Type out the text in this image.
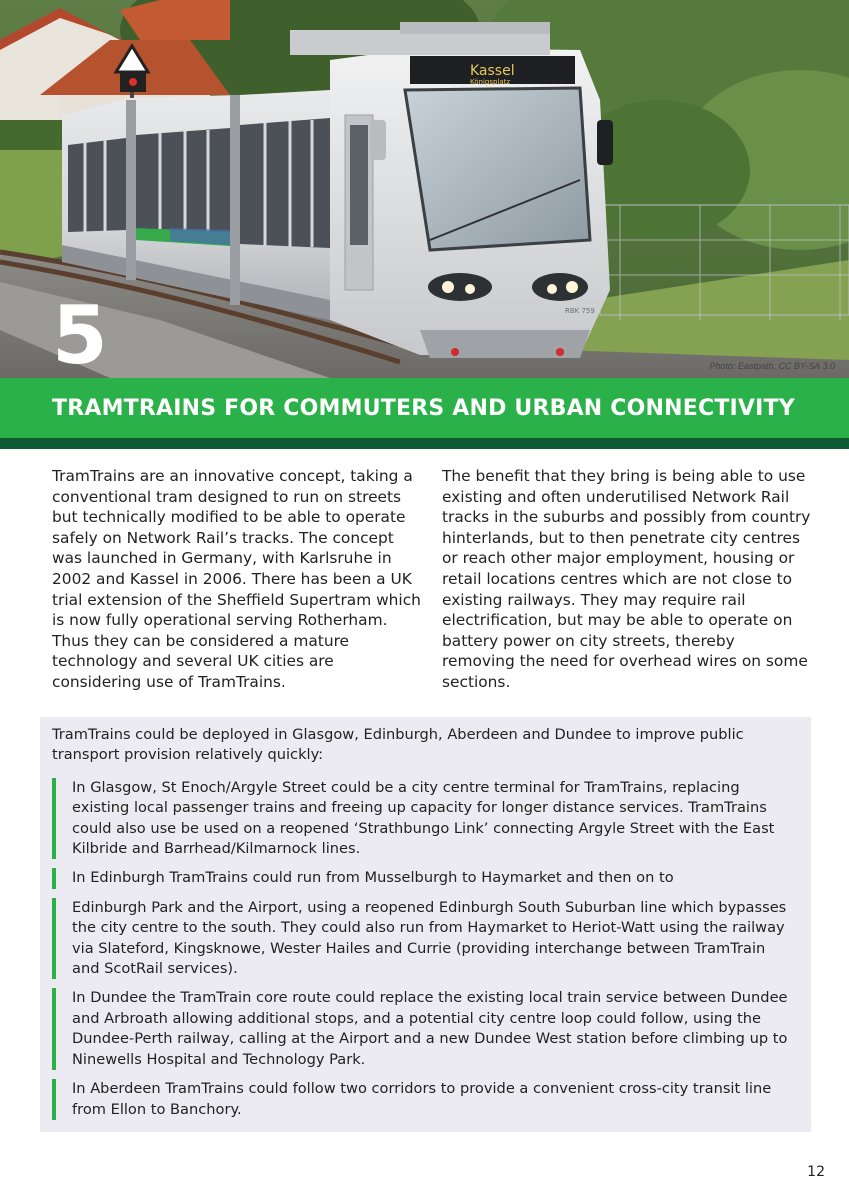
Kassel
Königsplatz
RBK 759
5	Photo: Eastpath, CC BY-SA 3.0
TRAMTRAINS FOR COMMUTERS AND URBAN CONNECTIVITY

TramTrains are an innovative concept, taking a conventional tram designed to run on streets but technically modified to be able to operate safely on Network Rail’s tracks. The concept was launched in Germany, with Karlsruhe in 2002 and Kassel in 2006. There has been a UK trial extension of the Sheffield Supertram which is now fully operational serving Rotherham. Thus they can be considered a mature technology and several UK cities are considering use of TramTrains.

The benefit that they bring is being able to use existing and often underutilised Network Rail tracks in the suburbs and possibly from country hinterlands, but to then penetrate city centres or reach other major employment, housing or retail locations centres which are not close to existing railways. They may require rail electrification, but may be able to operate on battery power on city streets, thereby removing the need for overhead wires on some sections.

TramTrains could be deployed in Glasgow, Edinburgh, Aberdeen and Dundee to improve public transport provision relatively quickly:

In Glasgow, St Enoch/Argyle Street could be a city centre terminal for TramTrains, replacing existing local passenger trains and freeing up capacity for longer distance services. TramTrains could also use be used on a reopened ‘Strathbungo Link’ connecting Argyle Street with the East Kilbride and Barrhead/Kilmarnock lines.
In Edinburgh TramTrains could run from Musselburgh to Haymarket and then on to
Edinburgh Park and the Airport, using a reopened Edinburgh South Suburban line which bypasses the city centre to the south. They could also run from Haymarket to Heriot-Watt using the railway via Slateford, Kingsknowe, Wester Hailes and Currie (providing interchange between TramTrain and ScotRail services).
In Dundee the TramTrain core route could replace the existing local train service between Dundee and Arbroath allowing additional stops, and a potential city centre loop could follow, using the Dundee-Perth railway, calling at the Airport and a new Dundee West station before climbing up to Ninewells Hospital and Technology Park.
In Aberdeen TramTrains could follow two corridors to provide a convenient cross-city transit line from Ellon to Banchory.
12
